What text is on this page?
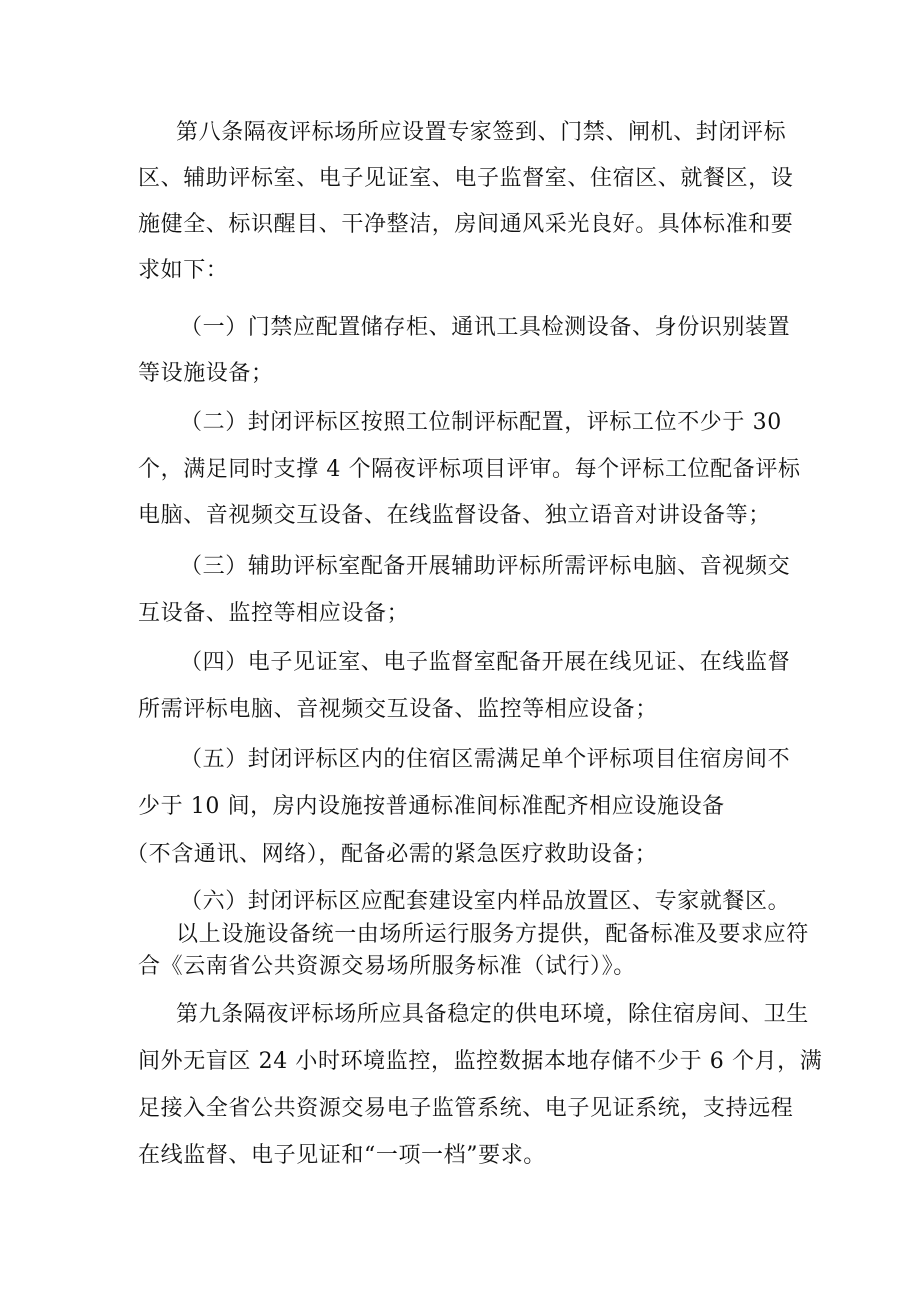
第八条隔夜评标场所应设置专家签到、门禁、闸机、封闭评标
区、辅助评标室、电子见证室、电子监督室、住宿区、就餐区，设
施健全、标识醒目、干净整洁，房间通风采光良好。具体标准和要
求如下：
（一）门禁应配置储存柜、通讯工具检测设备、身份识别装置
等设施设备；
（二）封闭评标区按照工位制评标配置，评标工位不少于 30
个，满足同时支撑 4 个隔夜评标项目评审。每个评标工位配备评标
电脑、音视频交互设备、在线监督设备、独立语音对讲设备等；
（三）辅助评标室配备开展辅助评标所需评标电脑、音视频交
互设备、监控等相应设备；
（四）电子见证室、电子监督室配备开展在线见证、在线监督
所需评标电脑、音视频交互设备、监控等相应设备；
（五）封闭评标区内的住宿区需满足单个评标项目住宿房间不
少于 10 间，房内设施按普通标准间标准配齐相应设施设备
（不含通讯、网络），配备必需的紧急医疗救助设备；
（六）封闭评标区应配套建设室内样品放置区、专家就餐区。
以上设施设备统一由场所运行服务方提供，配备标准及要求应符
合《云南省公共资源交易场所服务标准（试行）》。
第九条隔夜评标场所应具备稳定的供电环境，除住宿房间、卫生
间外无盲区 24 小时环境监控，监控数据本地存储不少于 6 个月，满
足接入全省公共资源交易电子监管系统、电子见证系统，支持远程
在线监督、电子见证和“一项一档”要求。
